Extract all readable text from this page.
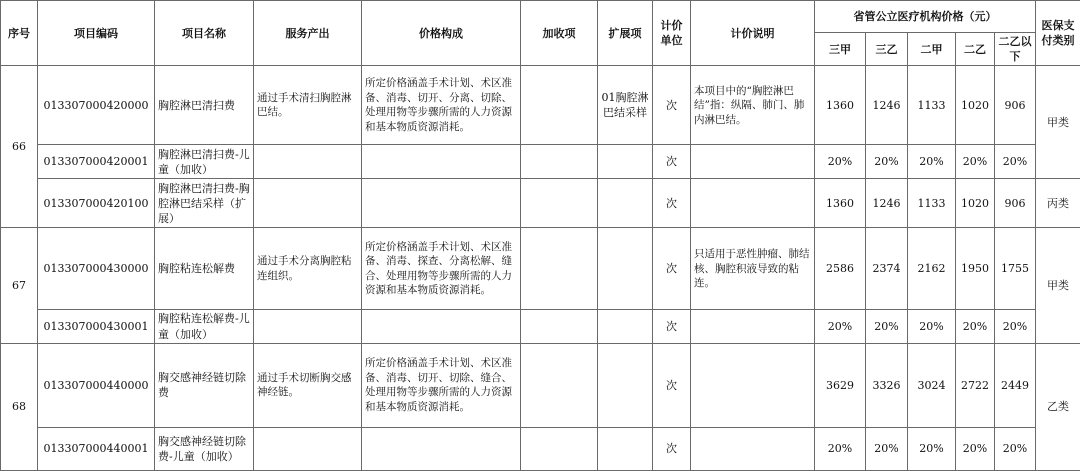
序号	项目编码	项目名称	服务产出	价格构成	加收项	扩展项	计价单位	计价说明	省管公立医疗机构价格（元）					医保支付类别
									三甲	三乙	二甲	二乙	二乙以下	
66	013307000420000	胸腔淋巴清扫费	通过手术清扫胸腔淋巴结。	所定价格涵盖手术计划、术区准备、消毒、切开、分离、切除、处理用物等步骤所需的人力资源和基本物质资源消耗。		01胸腔淋巴结采样	次	本项目中的“胸腔淋巴结”指：纵隔、肺门、肺内淋巴结。	1360	1246	1133	1020	906	甲类
	013307000420001	胸腔淋巴清扫费-儿童（加收）					次		20%	20%	20%	20%	20%	
	013307000420100	胸腔淋巴清扫费-胸腔淋巴结采样（扩展）					次		1360	1246	1133	1020	906	丙类
67	013307000430000	胸腔粘连松解费	通过手术分离胸腔粘连组织。	所定价格涵盖手术计划、术区准备、消毒、探查、分离松解、缝合、处理用物等步骤所需的人力资源和基本物质资源消耗。			次	只适用于恶性肿瘤、肺结核、胸腔积液导致的粘连。	2586	2374	2162	1950	1755	甲类
	013307000430001	胸腔粘连松解费-儿童（加收）					次		20%	20%	20%	20%	20%	
68	013307000440000	胸交感神经链切除费	通过手术切断胸交感神经链。	所定价格涵盖手术计划、术区准备、消毒、切开、切除、缝合、处理用物等步骤所需的人力资源和基本物质资源消耗。			次		3629	3326	3024	2722	2449	乙类
	013307000440001	胸交感神经链切除费-儿童（加收）					次		20%	20%	20%	20%	20%	
